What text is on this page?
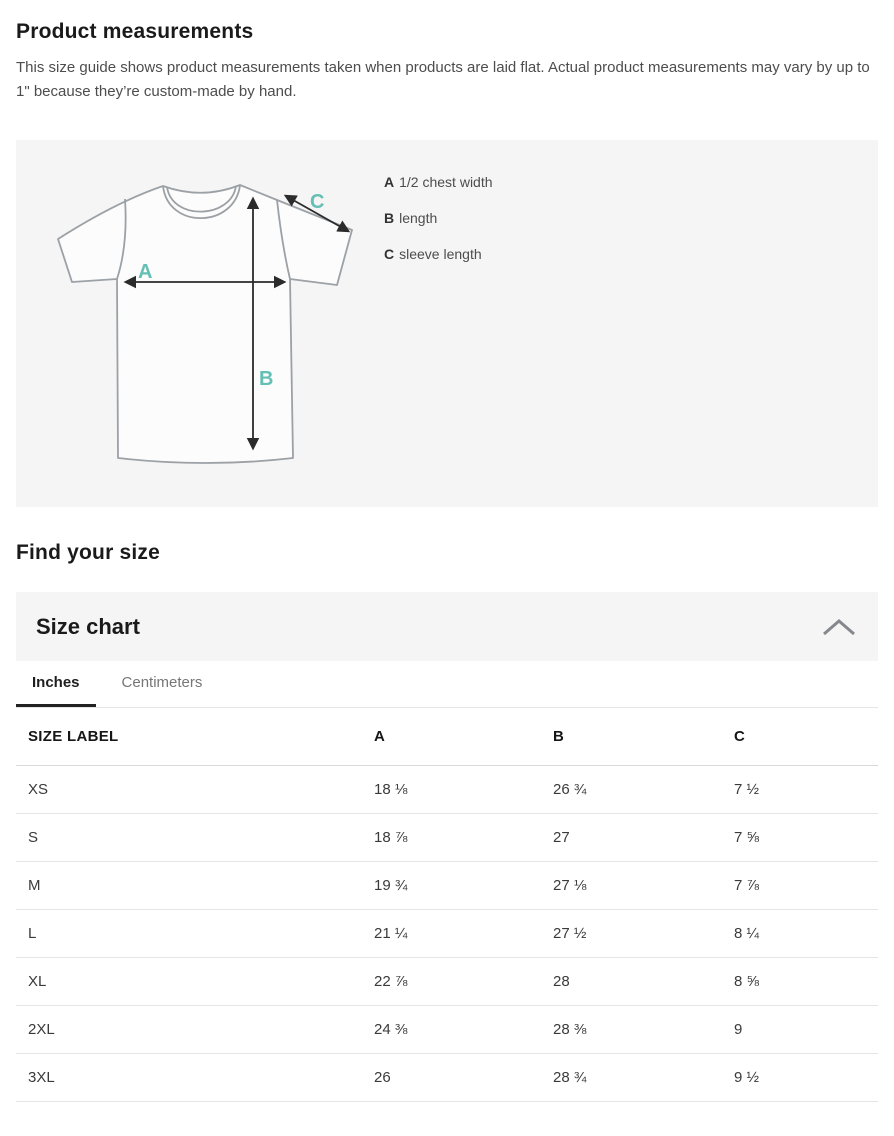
Product measurements

This size guide shows product measurements taken when products are laid flat. Actual product measurements may vary by up to 1" because they’re custom-made by hand.

A
B
C
A 1/2 chest width
B length
C sleeve length
Find your size
Size chart
Inches	Centimeters
SIZE LABEL	A	B	C
XS	18 ⅛	26 ¾	7 ½
S	18 ⅞	27	7 ⅝
M	19 ¾	27 ⅛	7 ⅞
L	21 ¼	27 ½	8 ¼
XL	22 ⅞	28	8 ⅝
2XL	24 ⅜	28 ⅜	9
3XL	26	28 ¾	9 ½
